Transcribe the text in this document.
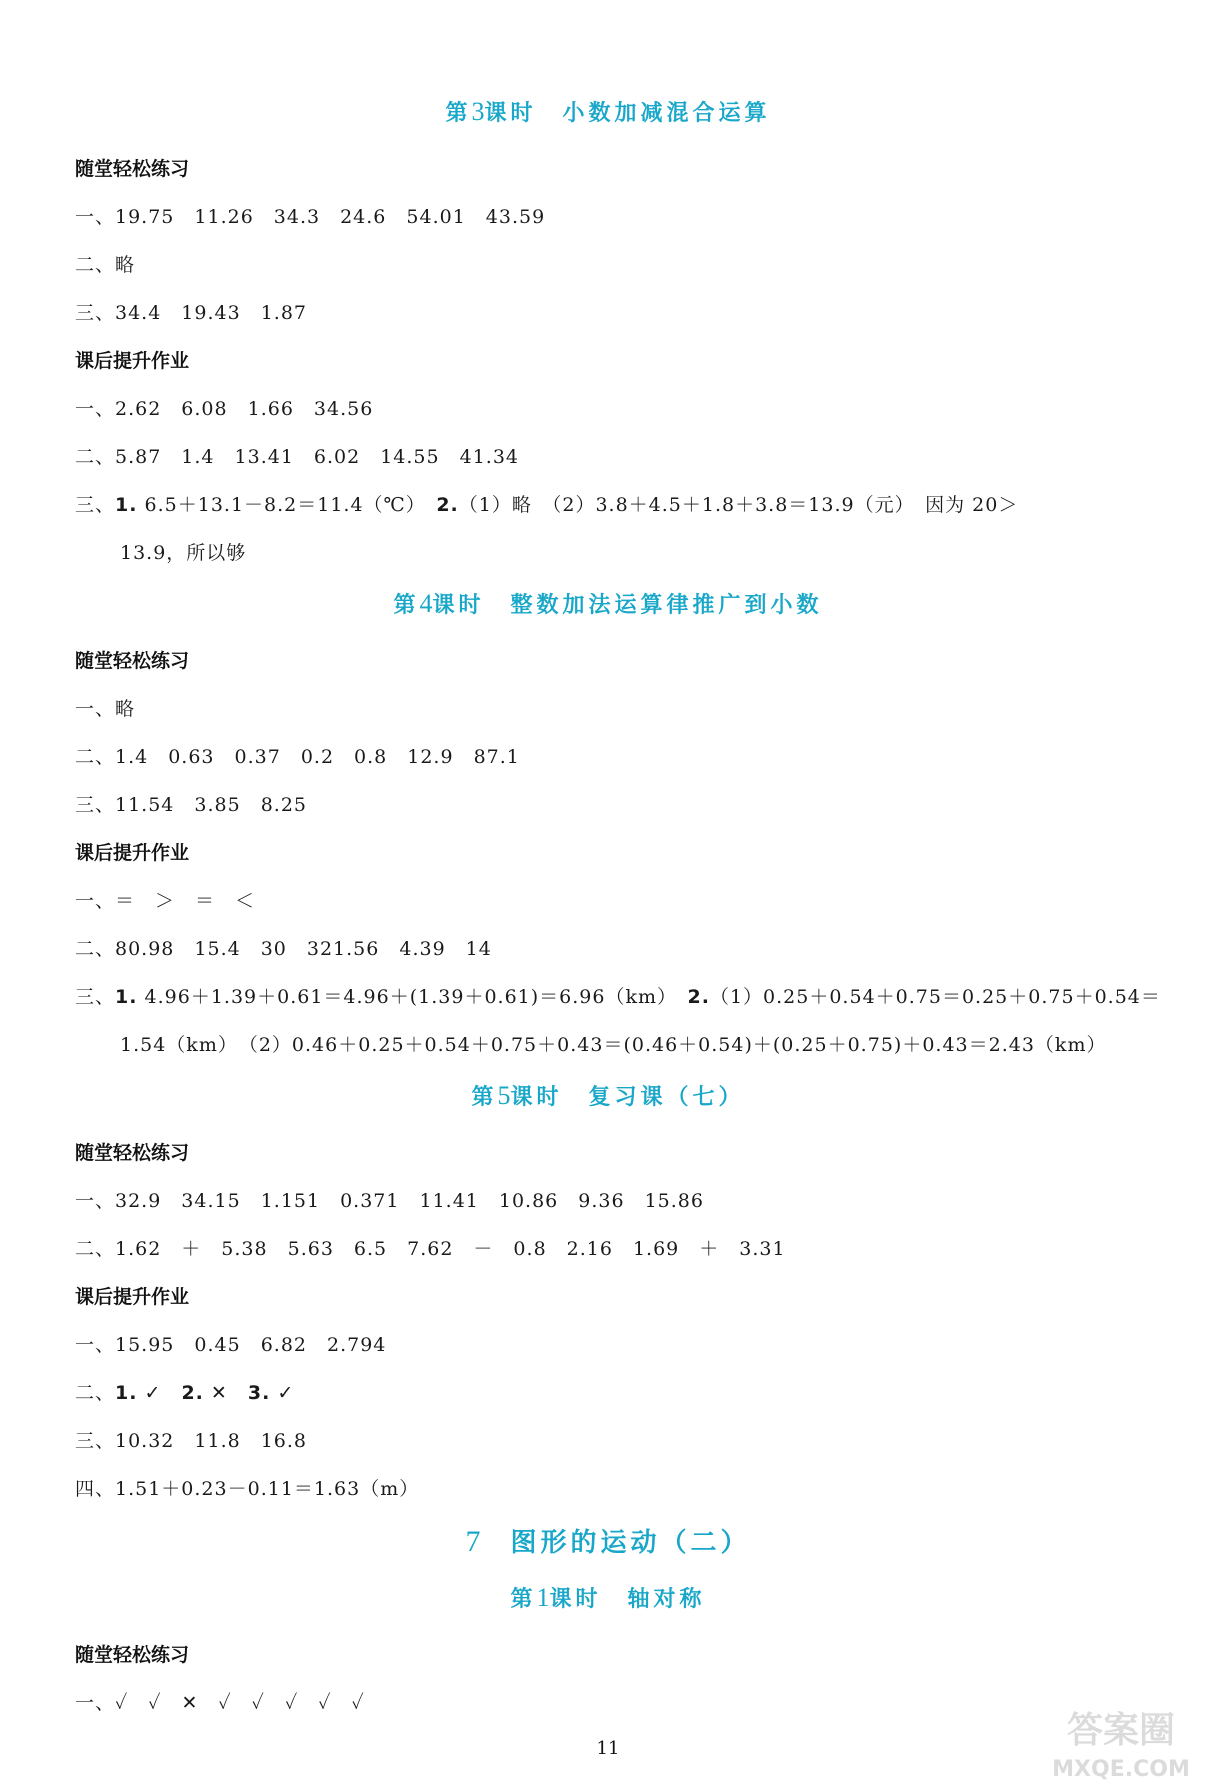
第3课时　小数加减混合运算
随堂轻松练习
一、19.75　11.26　34.3　24.6　54.01　43.59
二、略
三、34.4　19.43　1.87
课后提升作业
一、2.62　6.08　1.66　34.56
二、5.87　1.4　13.41　6.02　14.55　41.34
三、1. 6.5＋13.1－8.2＝11.4（℃）　2.（1）略　（2）3.8＋4.5＋1.8＋3.8＝13.9（元）　因为 20＞
13.9，所以够
第4课时　整数加法运算律推广到小数
随堂轻松练习
一、略
二、1.4　0.63　0.37　0.2　0.8　12.9　87.1
三、11.54　3.85　8.25
课后提升作业
一、＝　＞　＝　＜
二、80.98　15.4　30　321.56　4.39　14
三、1. 4.96＋1.39＋0.61＝4.96＋(1.39＋0.61)＝6.96（km）　2.（1）0.25＋0.54＋0.75＝0.25＋0.75＋0.54＝
1.54（km）　（2）0.46＋0.25＋0.54＋0.75＋0.43＝(0.46＋0.54)＋(0.25＋0.75)＋0.43＝2.43（km）
第5课时　复习课（七）
随堂轻松练习
一、32.9　34.15　1.151　0.371　11.41　10.86　9.36　15.86
二、1.62　＋　5.38　5.63　6.5　7.62　－　0.8　2.16　1.69　＋　3.31
课后提升作业
一、15.95　0.45　6.82　2.794
二、1. ✓　2. ✕　3. ✓
三、10.32　11.8　16.8
四、1.51＋0.23－0.11＝1.63（m）
7　图形的运动（二）
第1课时　轴对称
随堂轻松练习
一、✓　✓　✕　✓　✓　✓　✓　✓
11	答案圈
MXQE.COM
